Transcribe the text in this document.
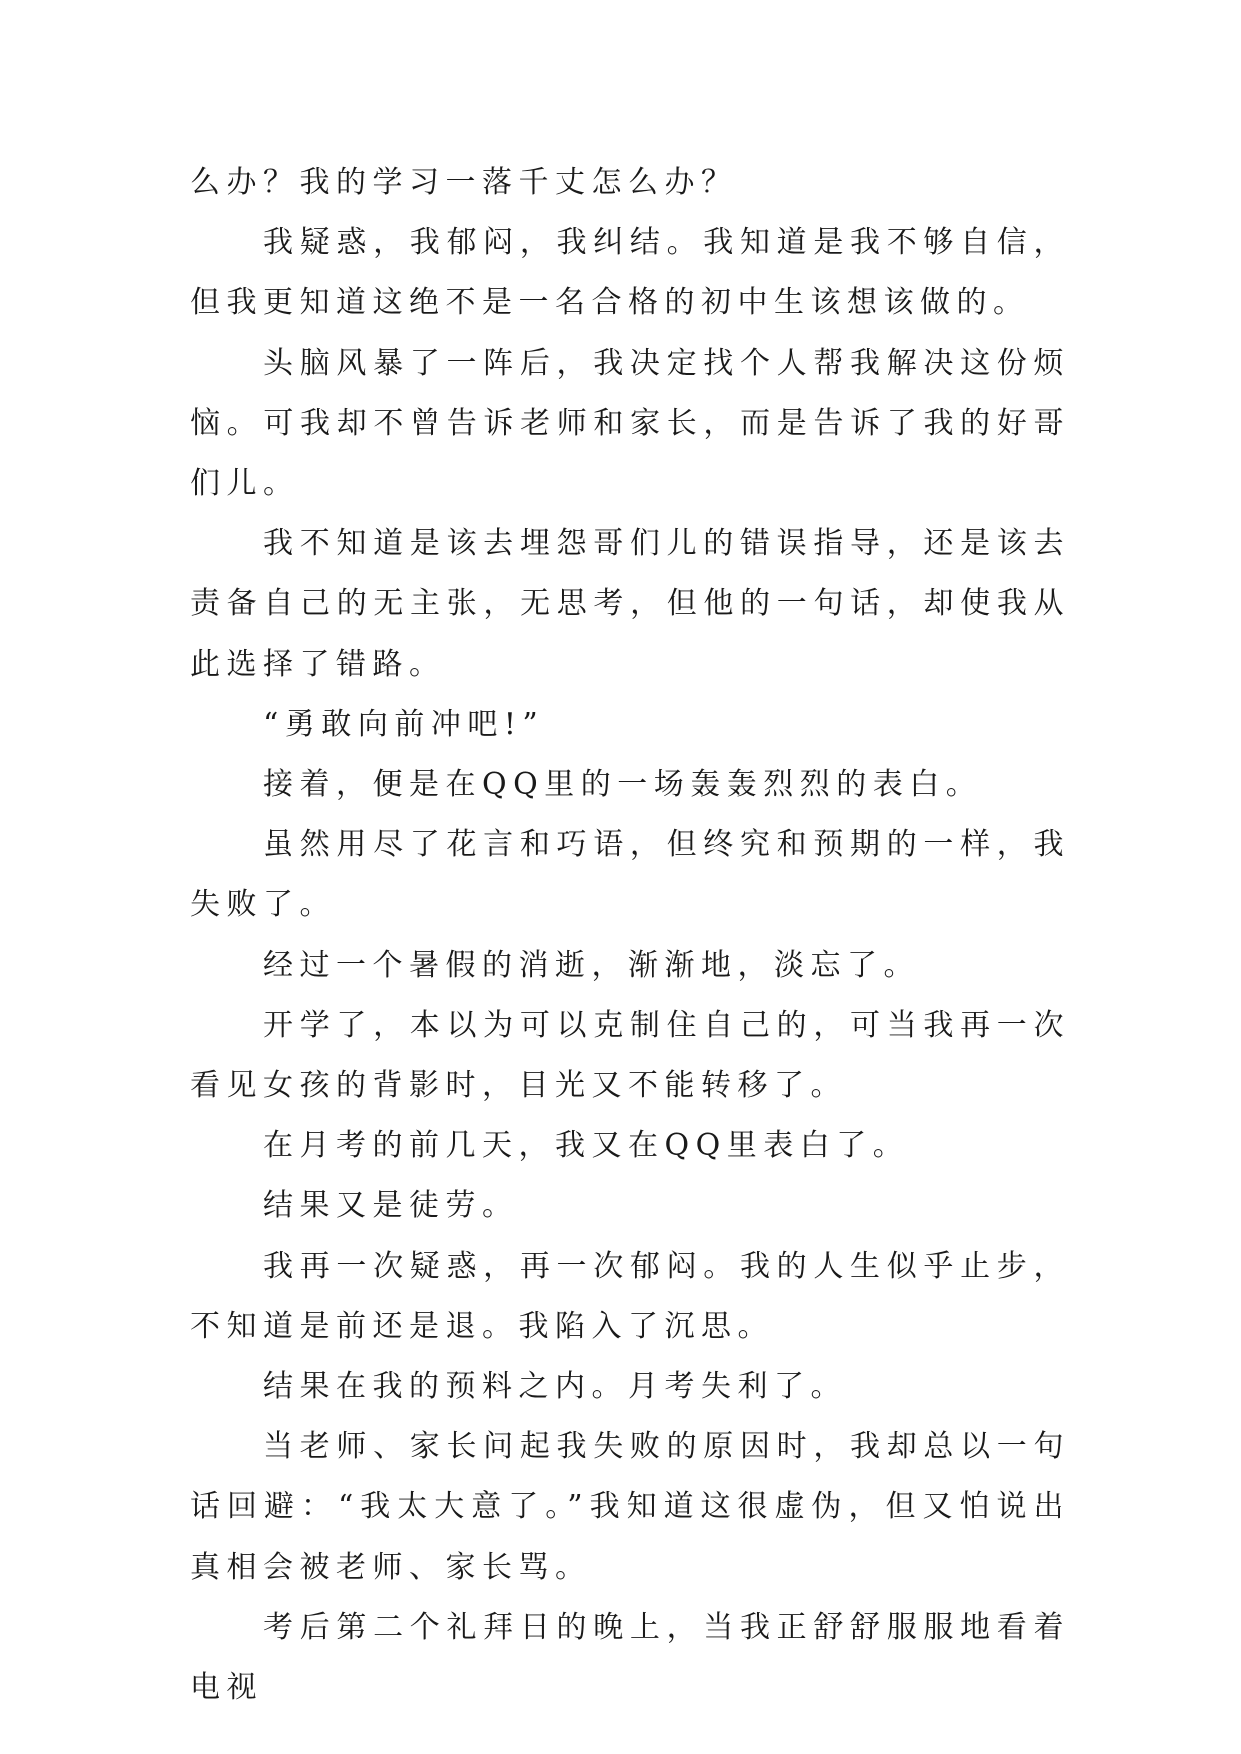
么办？我的学习一落千丈怎么办？

我疑惑，我郁闷，我纠结。我知道是我不够自信，但我更知道这绝不是一名合格的初中生该想该做的。

头脑风暴了一阵后，我决定找个人帮我解决这份烦恼。可我却不曾告诉老师和家长，而是告诉了我的好哥们儿。

我不知道是该去埋怨哥们儿的错误指导，还是该去责备自己的无主张，无思考，但他的一句话，却使我从此选择了错路。

“勇敢向前冲吧!”

接着，便是在QQ里的一场轰轰烈烈的表白。

虽然用尽了花言和巧语，但终究和预期的一样，我失败了。

经过一个暑假的消逝，渐渐地，淡忘了。

开学了，本以为可以克制住自己的，可当我再一次看见女孩的背影时，目光又不能转移了。

在月考的前几天，我又在QQ里表白了。

结果又是徒劳。

我再一次疑惑，再一次郁闷。我的人生似乎止步，不知道是前还是退。我陷入了沉思。

结果在我的预料之内。月考失利了。

当老师、家长问起我失败的原因时，我却总以一句话回避：“我太大意了。”我知道这很虚伪，但又怕说出真相会被老师、家长骂。

考后第二个礼拜日的晚上，当我正舒舒服服地看着电视
